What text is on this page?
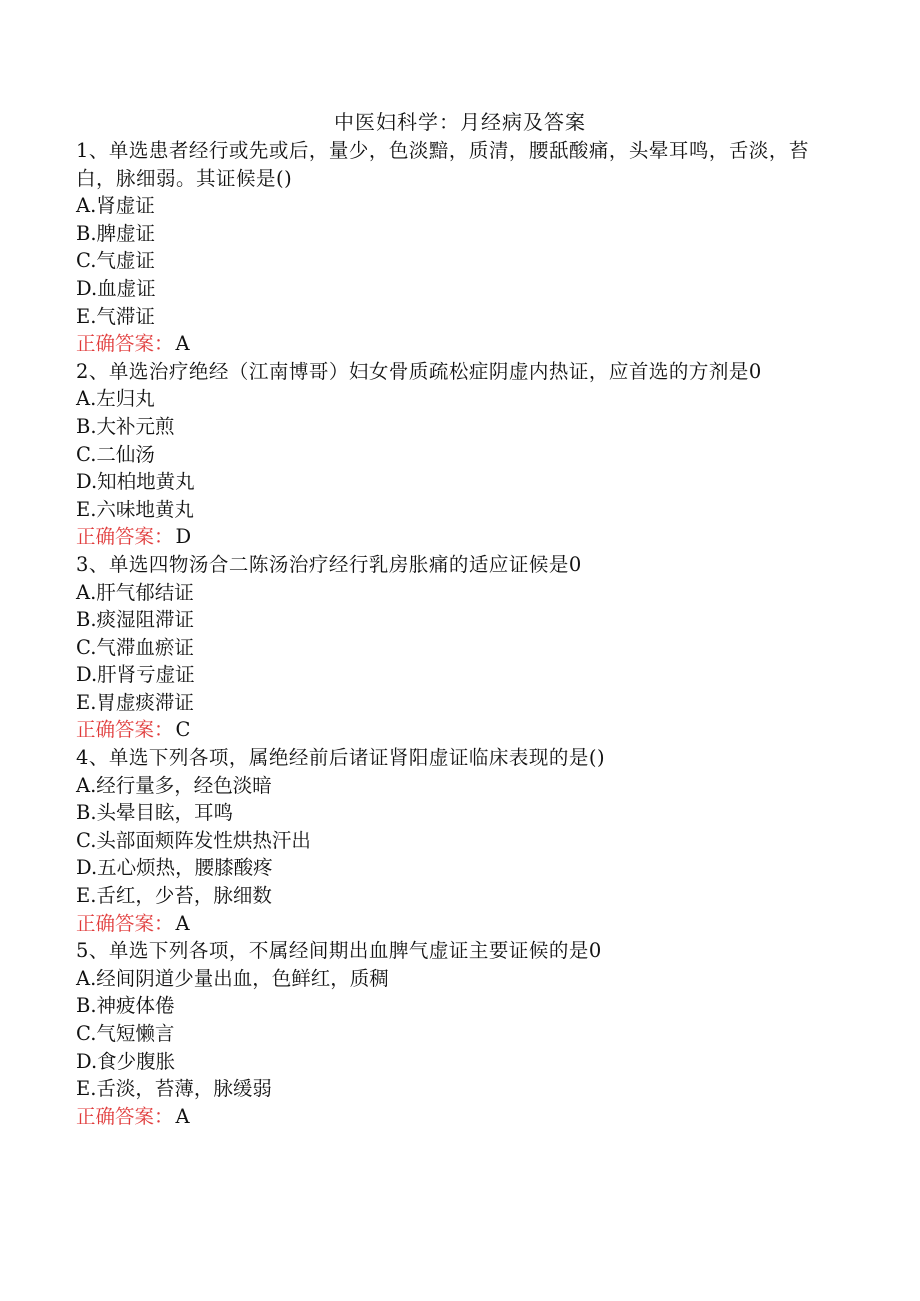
中医妇科学：月经病及答案
1、单选患者经行或先或后，量少，色淡黯，质清，腰舐酸痛，头晕耳鸣，舌淡，苔白，脉细弱。其证候是()
A.肾虚证
B.脾虚证
C.气虚证
D.血虚证
E.气滞证
正确答案： A
2、单选治疗绝经（江南博哥）妇女骨质疏松症阴虚内热证，应首选的方剂是0
A.左归丸
B.大补元煎
C.二仙汤
D.知柏地黄丸
E.六味地黄丸
正确答案： D
3、单选四物汤合二陈汤治疗经行乳房胀痛的适应证候是0
A.肝气郁结证
B.痰湿阻滞证
C.气滞血瘀证
D.肝肾亏虚证
E.胃虚痰滞证
正确答案： C
4、单选下列各项，属绝经前后诸证肾阳虚证临床表现的是()
A.经行量多，经色淡暗
B.头晕目眩，耳鸣
C.头部面颊阵发性烘热汗出
D.五心烦热，腰膝酸疼
E.舌红，少苔，脉细数
正确答案： A
5、单选下列各项，不属经间期出血脾气虚证主要证候的是0
A.经间阴道少量出血，色鲜红，质稠
B.神疲体倦
C.气短懒言
D.食少腹胀
E.舌淡，苔薄，脉缓弱
正确答案： A
